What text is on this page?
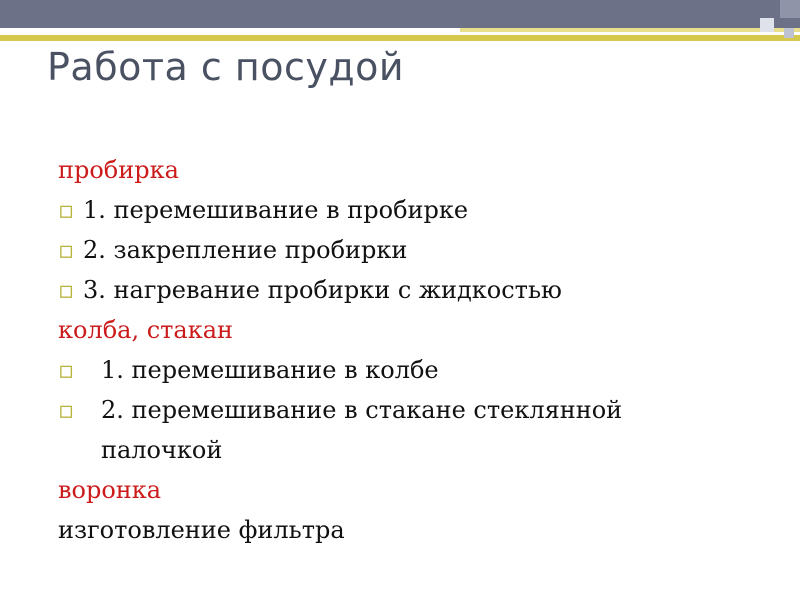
Работа с посудой
пробирка
▫ 1. перемешивание в пробирке
▫ 2. закрепление пробирки
▫ 3. нагревание пробирки с жидкостью
колба, стакан
▫ 1. перемешивание в колбе
▫ 2. перемешивание в стакане стеклянной палочкой
воронка
изготовление фильтра
